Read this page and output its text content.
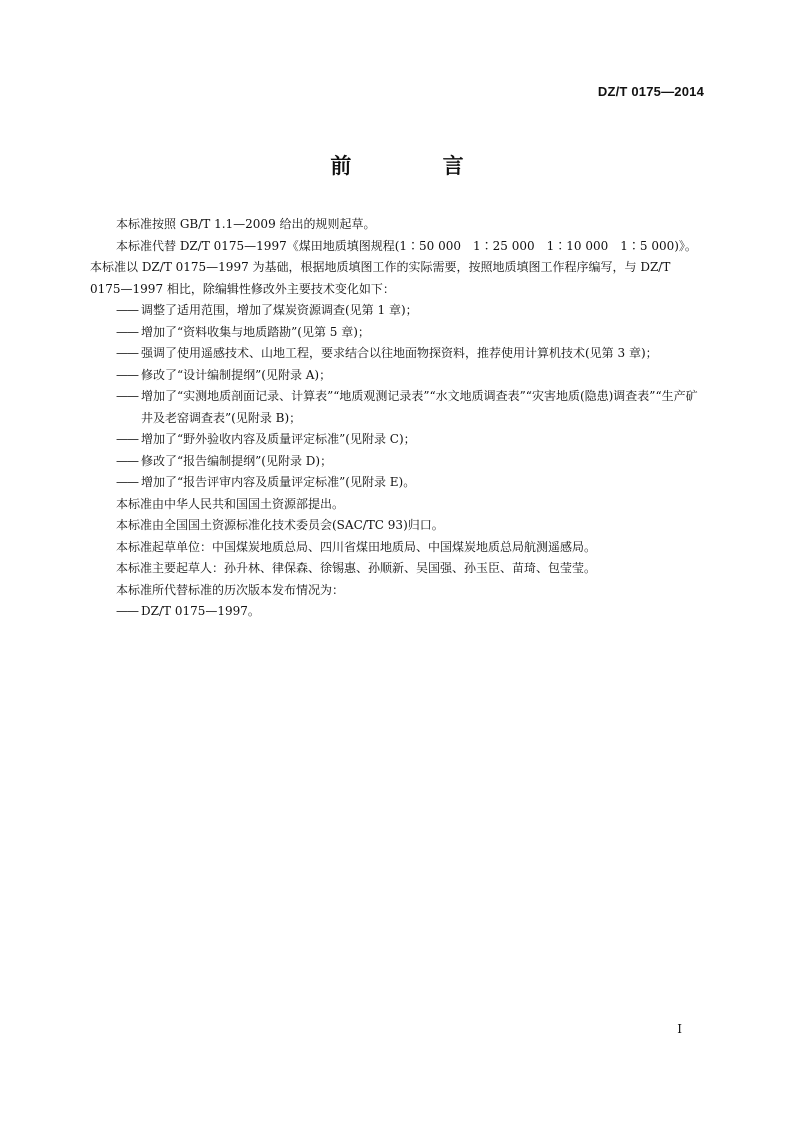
DZ/T 0175—2014
前 言

本标准按照 GB/T 1.1—2009 给出的规则起草。

本标准代替 DZ/T 0175—1997《煤田地质填图规程(1∶50 000　1∶25 000　1∶10 000　1∶5 000)》。本标准以 DZ/T 0175—1997 为基础，根据地质填图工作的实际需要，按照地质填图工作程序编写，与 DZ/T 0175—1997 相比，除编辑性修改外主要技术变化如下：

—— 调整了适用范围，增加了煤炭资源调查(见第 1 章)；
—— 增加了“资料收集与地质踏勘”(见第 5 章)；
—— 强调了使用遥感技术、山地工程，要求结合以往地面物探资料，推荐使用计算机技术(见第 3 章)；
—— 修改了“设计编制提纲”(见附录 A)；
—— 增加了“实测地质剖面记录、计算表”“地质观测记录表”“水文地质调查表”“灾害地质(隐患)调查表”“生产矿井及老窑调查表”(见附录 B)；
—— 增加了“野外验收内容及质量评定标准”(见附录 C)；
—— 修改了“报告编制提纲”(见附录 D)；
—— 增加了“报告评审内容及质量评定标准”(见附录 E)。

本标准由中华人民共和国国土资源部提出。

本标准由全国国土资源标准化技术委员会(SAC/TC 93)归口。

本标准起草单位：中国煤炭地质总局、四川省煤田地质局、中国煤炭地质总局航测遥感局。

本标准主要起草人：孙升林、律保森、徐锡惠、孙顺新、吴国强、孙玉臣、苗琦、包莹莹。

本标准所代替标准的历次版本发布情况为：

—— DZ/T 0175—1997。
I
